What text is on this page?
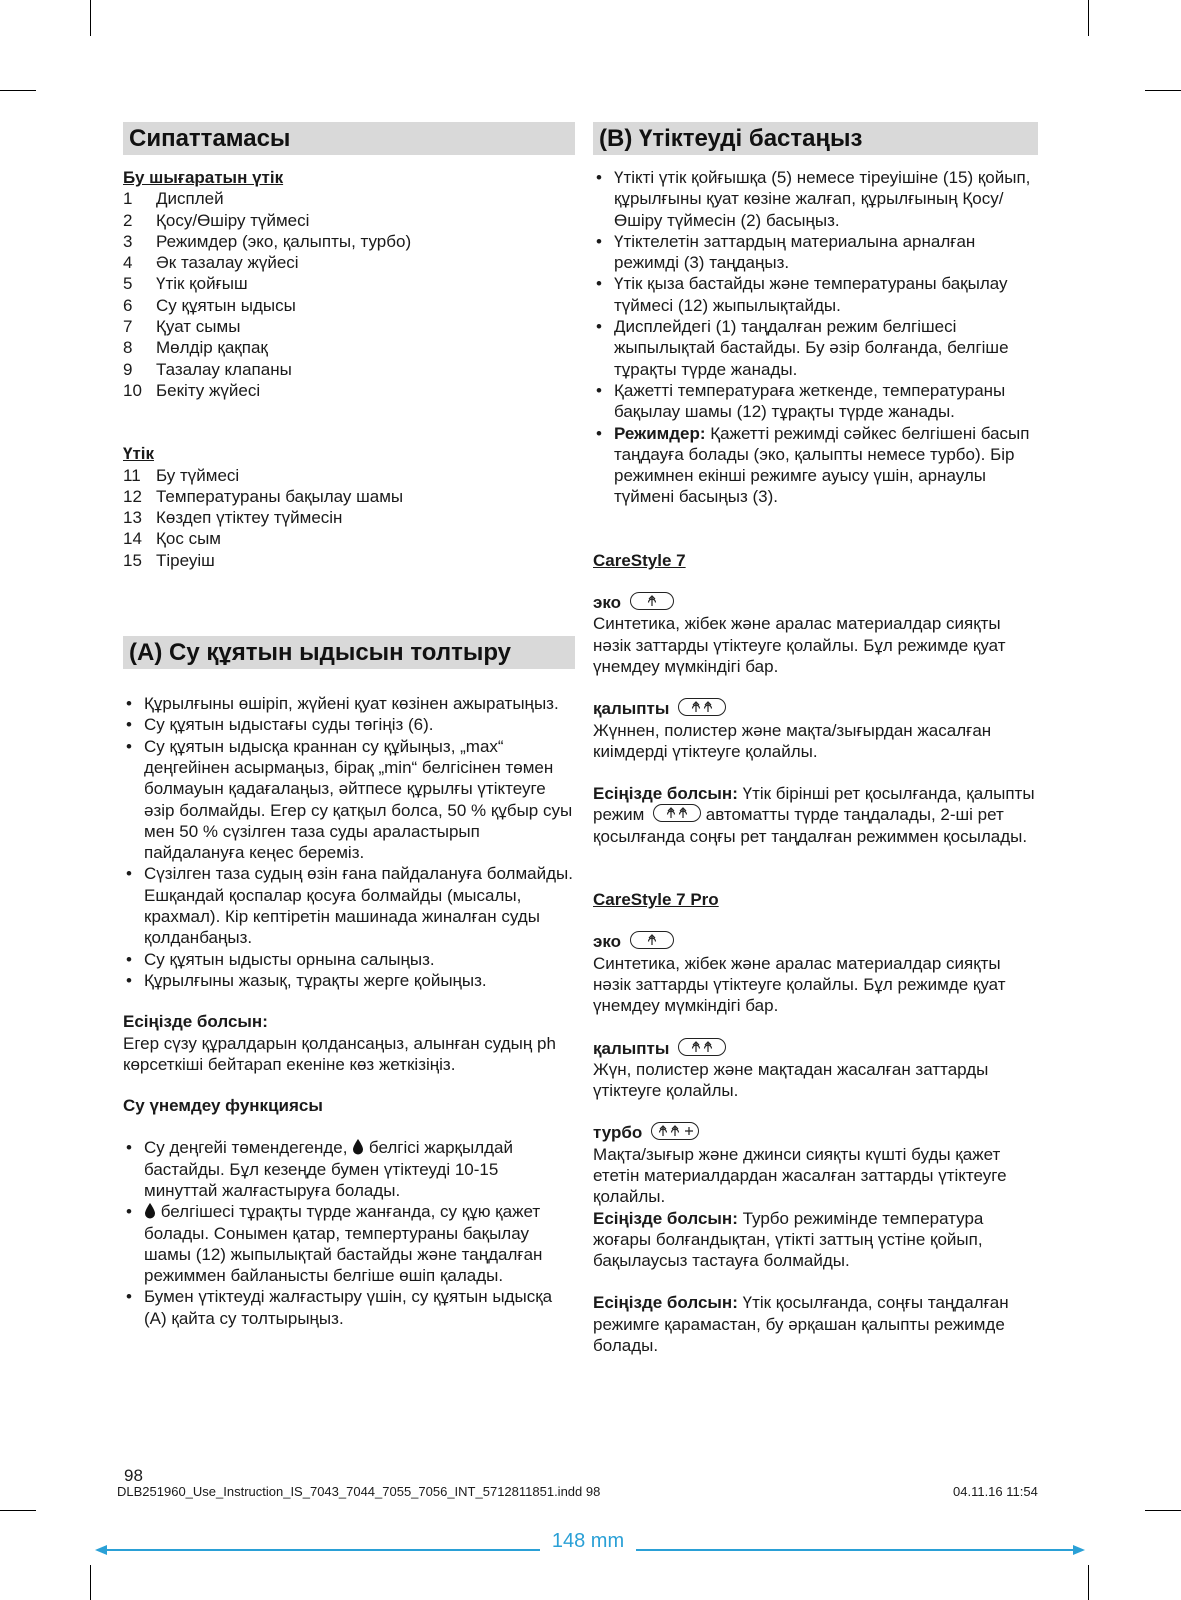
Сипаттамасы

Бу шығаратын үтік

1	Дисплей
2	Қосу/Өшіру түймесі
3	Режимдер (эко, қалыпты, турбо)
4	Әк тазалау жүйесі
5	Үтік қойғыш
6	Су құятын ыдысы
7	Қуат сымы
8	Мөлдір қақпақ
9	Тазалау клапаны
10 Бекіту жүйесі

Үтік

11 Бу түймесі
12 Температураны бақылау шамы
13 Көздеп үтіктеу түймесін
14 Қос сым
15 Тіреуіш
(A) Су құятын ыдысын толтыру
• Құрылғыны өшіріп, жүйені қуат көзінен ажыратыңыз.
• Су құятын ыдыстағы суды төгіңіз (6).
• Су құятын ыдысқа краннан су құйыңыз, „max“ деңгейінен асырмаңыз, бірақ „min“ белгісінен төмен болмауын қадағалаңыз, әйтпесе құрылғы үтіктеуге әзір болмайды. Егер су қатқыл болса, 50 % құбыр суы мен 50 % сүзілген таза суды араластырып пайдалануға кеңес береміз.
• Сүзілген таза судың өзін ғана пайдалануға болмайды. Ешқандай қоспалар қосуға болмайды (мысалы, крахмал). Кір кептіретін машинада жиналған суды қолданбаңыз.
• Су құятын ыдысты орнына салыңыз.
• Құрылғыны жазық, тұрақты жерге қойыңыз.

Есіңізде болсын:

Егер сүзу құралдарын қолдансаңыз, алынған судың ph көрсеткіші бейтарап екеніне көз жеткізіңіз.

Су үнемдеу функциясы

• Су деңгейі төмендегенде, белгісі жарқылдай бастайды. Бұл кезеңде бумен үтіктеуді 10-15 минуттай жалғастыруға болады.
•	белгішесі тұрақты түрде жанғанда, су құю қажет болады. Сонымен қатар, темпертураны бақылау шамы (12) жыпылықтай бастайды және таңдалған режиммен байланысты белгіше өшіп қалады.
• Бумен үтіктеуді жалғастыру үшін, су құятын ыдысқа (A) қайта су толтырыңыз.
(B) Үтіктеуді бастаңыз
• Үтікті үтік қойғышқа (5) немесе тіреуішіне (15) қойып, құрылғыны қуат көзіне жалғап, құрылғының Қосу/Өшіру түймесін (2) басыңыз.
• Үтіктелетін заттардың материалына арналған режимді (3) таңдаңыз.
• Үтік қыза бастайды және температураны бақылау түймесі (12) жыпылықтайды.
• Дисплейдегі (1) таңдалған режим белгішесі жыпылықтай бастайды. Бу әзір болғанда, белгіше тұрақты түрде жанады.
• Қажетті температураға жеткенде, температураны бақылау шамы (12) тұрақты түрде жанады.
• Режимдер: Қажетті режимді сәйкес белгішені басып таңдауға болады (эко, қалыпты немесе турбо). Бір режимнен екінші режимге ауысу үшін, арнаулы түймені басыңыз (3).

CareStyle 7

эко

Синтетика, жібек және аралас материалдар сияқты нәзік заттарды үтіктеуге қолайлы. Бұл режимде қуат үнемдеу мүмкіндігі бар.

қалыпты

Жүннен, полистер және мақта/зығырдан жасалған киімдерді үтіктеуге қолайлы.

Есіңізде болсын: Үтік бірінші рет қосылғанда, қалыпты режим	автоматты түрде таңдалады, 2-ші рет қосылғанда соңғы рет таңдалған режиммен қосылады.

CareStyle 7 Pro

эко

Синтетика, жібек және аралас материалдар сияқты нәзік заттарды үтіктеуге қолайлы. Бұл режимде қуат үнемдеу мүмкіндігі бар.

қалыпты

Жүн, полистер және мақтадан жасалған заттарды үтіктеуге қолайлы.

турбо

Мақта/зығыр және джинси сияқты күшті буды қажет ететін материалдардан жасалған заттарды үтіктеуге қолайлы.

Есіңізде болсын: Турбо режимінде температура жоғары болғандықтан, үтікті заттың үстіне қойып, бақылаусыз тастауға болмайды.

Есіңізде болсын: Үтік қосылғанда, соңғы таңдалған режимге қарамастан, бу әрқашан қалыпты режимде болады.

98
148 mm
DLB251960_Use_Instruction_IS_7043_7044_7055_7056_INT_5712811851.indd 98	04.11.16 11:54
